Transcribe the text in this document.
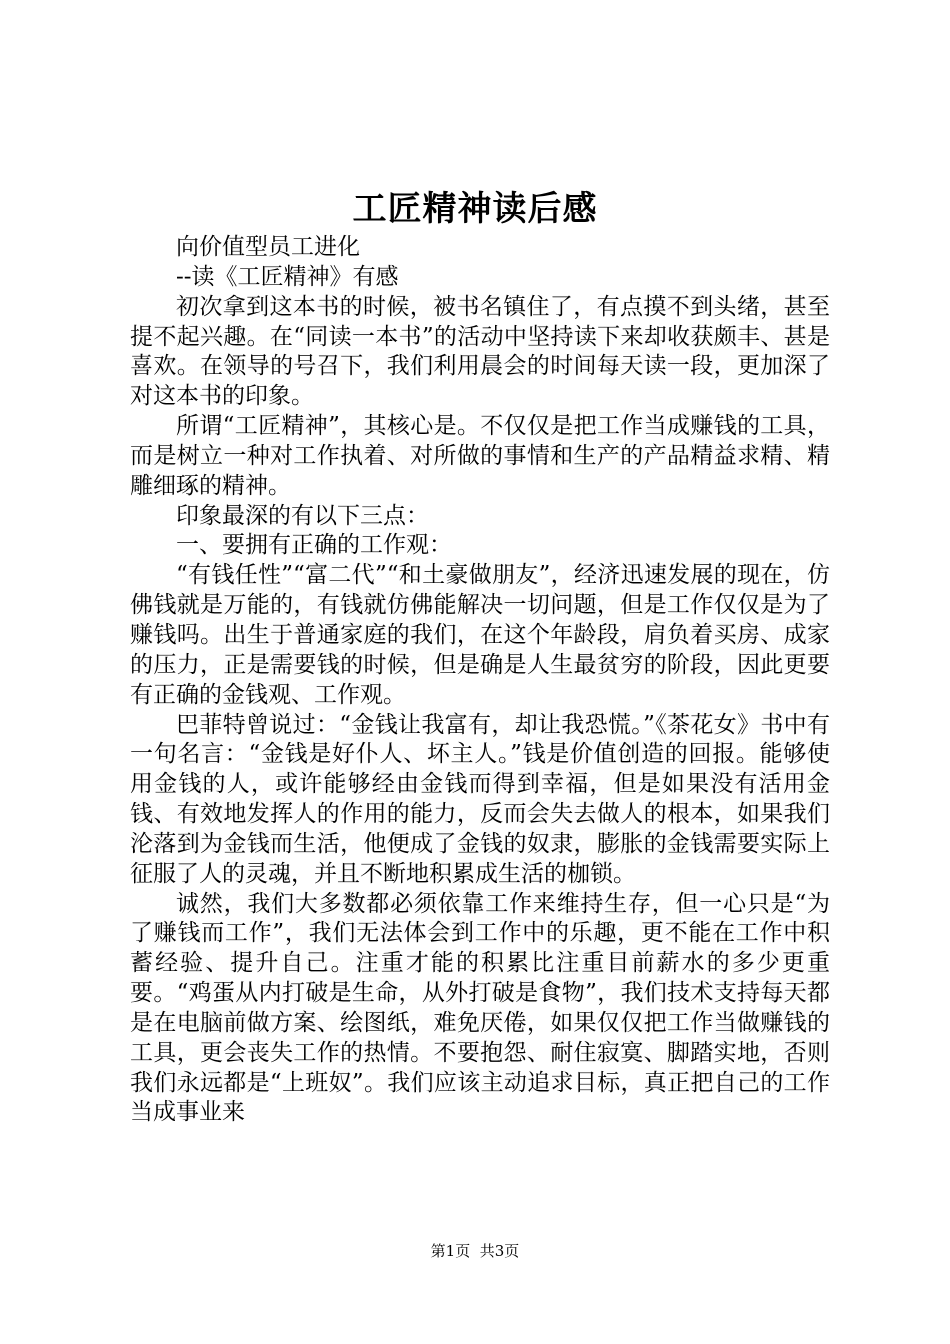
工匠精神读后感

向价值型员工进化

--读《工匠精神》有感

初次拿到这本书的时候，被书名镇住了，有点摸不到头绪，甚至提不起兴趣。在“同读一本书”的活动中坚持读下来却收获颇丰、甚是喜欢。在领导的号召下，我们利用晨会的时间每天读一段，更加深了对这本书的印象。

所谓“工匠精神”，其核心是。不仅仅是把工作当成赚钱的工具，而是树立一种对工作执着、对所做的事情和生产的产品精益求精、精雕细琢的精神。

印象最深的有以下三点：

一、要拥有正确的工作观：

“有钱任性”“富二代”“和土豪做朋友”，经济迅速发展的现在，仿佛钱就是万能的，有钱就仿佛能解决一切问题，但是工作仅仅是为了赚钱吗。出生于普通家庭的我们，在这个年龄段，肩负着买房、成家的压力，正是需要钱的时候，但是确是人生最贫穷的阶段，因此更要有正确的金钱观、工作观。

巴菲特曾说过：“金钱让我富有，却让我恐慌。”《茶花女》书中有一句名言：“金钱是好仆人、坏主人。”钱是价值创造的回报。能够使用金钱的人，或许能够经由金钱而得到幸福，但是如果没有活用金钱、有效地发挥人的作用的能力，反而会失去做人的根本，如果我们沦落到为金钱而生活，他便成了金钱的奴隶，膨胀的金钱需要实际上征服了人的灵魂，并且不断地积累成生活的枷锁。

诚然，我们大多数都必须依靠工作来维持生存，但一心只是“为了赚钱而工作”，我们无法体会到工作中的乐趣，更不能在工作中积蓄经验、提升自己。注重才能的积累比注重目前薪水的多少更重要。“鸡蛋从内打破是生命，从外打破是食物”，我们技术支持每天都是在电脑前做方案、绘图纸，难免厌倦，如果仅仅把工作当做赚钱的工具，更会丧失工作的热情。不要抱怨、耐住寂寞、脚踏实地，否则我们永远都是“上班奴”。我们应该主动追求目标，真正把自己的工作当成事业来

第1页 共3页
